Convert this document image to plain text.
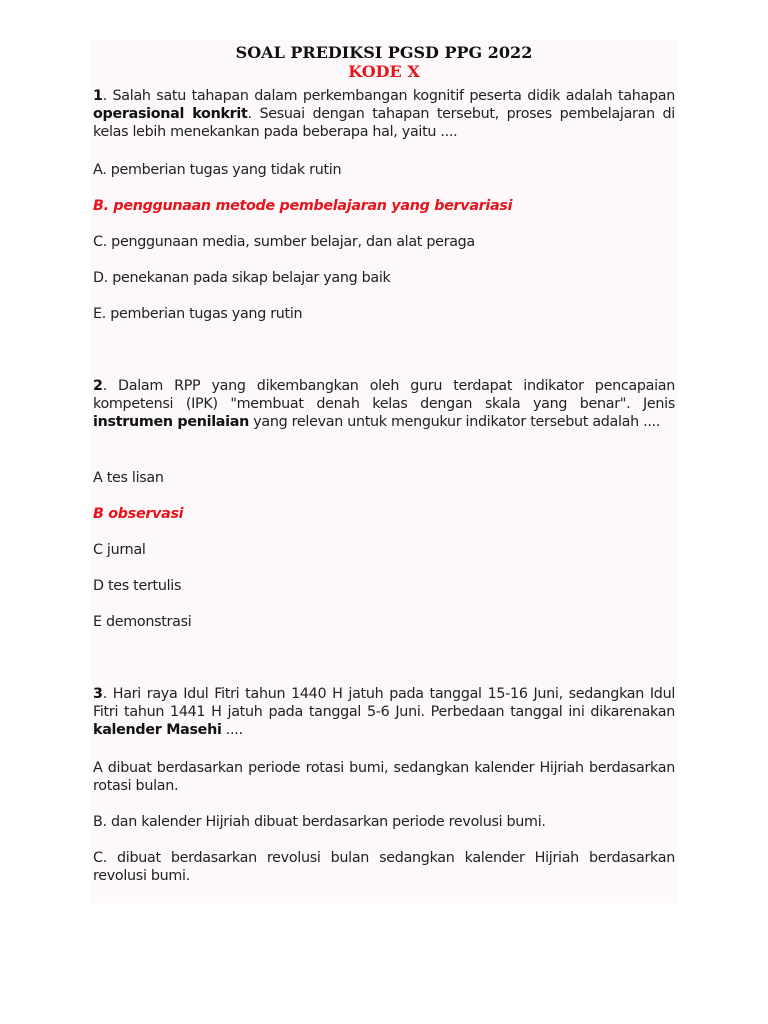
SOAL PREDIKSI PGSD PPG 2022
KODE X
1. Salah satu tahapan dalam perkembangan kognitif peserta didik adalah tahapan operasional konkrit. Sesuai dengan tahapan tersebut, proses pembelajaran di kelas lebih menekankan pada beberapa hal, yaitu ....
A. pemberian tugas yang tidak rutin
B. penggunaan metode pembelajaran yang bervariasi
C. penggunaan media, sumber belajar, dan alat peraga
D. penekanan pada sikap belajar yang baik
E. pemberian tugas yang rutin
2. Dalam RPP yang dikembangkan oleh guru terdapat indikator pencapaian kompetensi (IPK) "membuat denah kelas dengan skala yang benar". Jenis instrumen penilaian yang relevan untuk mengukur indikator tersebut adalah ....
A tes lisan
B observasi
C jurnal
D tes tertulis
E demonstrasi
3. Hari raya Idul Fitri tahun 1440 H jatuh pada tanggal 15-16 Juni, sedangkan Idul Fitri tahun 1441 H jatuh pada tanggal 5-6 Juni. Perbedaan tanggal ini dikarenakan kalender Masehi ....
A dibuat berdasarkan periode rotasi bumi, sedangkan kalender Hijriah berdasarkan rotasi bulan.
B. dan kalender Hijriah dibuat berdasarkan periode revolusi bumi.
C. dibuat berdasarkan revolusi bulan sedangkan kalender Hijriah berdasarkan revolusi bumi.
